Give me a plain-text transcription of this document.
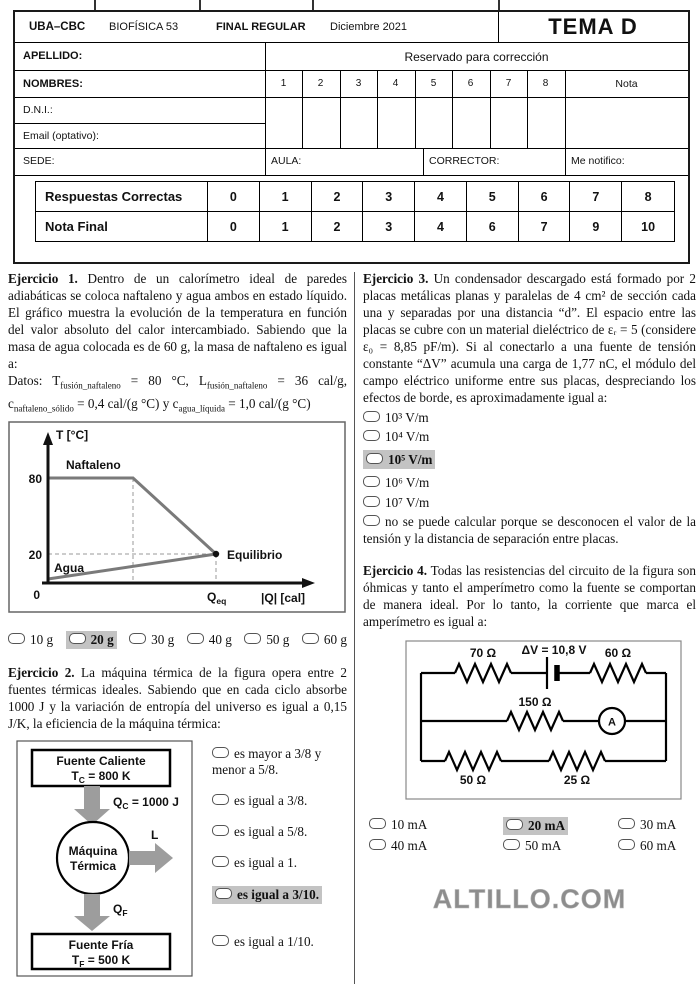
UBA–CBC BIOFÍSICA 53	FINAL REGULAR Diciembre 2021	TEMA D
APELLIDO:	Reservado para corrección
NOMBRES:	1	2	3	4	5	6	7	8	Nota
D.N.I.:
Email (optativo):
SEDE:	AULA:	CORRECTOR:	Me notifico:
Respuestas Correctas	0	1	2	3	4	5	6	7	8
Nota Final	0	1	2	3	4	6	7	9	10

Ejercicio 1. Dentro de un calorímetro ideal de paredes adiabáticas se coloca naftaleno y agua ambos en estado líquido. El gráfico muestra la evolución de la temperatura en función del valor absoluto del calor intercambiado. Sabiendo que la masa de agua colocada es de 60 g, la masa de naftaleno es igual a:

Datos: $T_{fusión\_naftaleno} = 80$ °C, $L_{fusión\_naftaleno} = 36$ cal/g, $c_{naftaleno\_sólido} = 0,4$ cal/(g °C) y $c_{agua\_líquida} = 1,0$ cal/(g °C)

T [°C]
80
20
0
Naftaleno
Agua
Equilibrio
$Q_{eq}$	|Q| [cal]
10 g	20 g	30 g	40 g	50 g	60 g

Ejercicio 2. La máquina térmica de la figura opera entre 2 fuentes térmicas ideales. Sabiendo que en cada ciclo absorbe 1000 J y la variación de entropía del universo es igual a 0,15 J/K, la eficiencia de la máquina térmica:

Fuente Caliente
$T_C = 800$ K
$Q_C = 1000$ J
Máquina
Térmica
L
$Q_F$
Fuente Fría
$T_F = 500$ K
es mayor a 3/8 y menor a 5/8.
es igual a 3/8.
es igual a 5/8.
es igual a 1.
es igual a 3/10.
es igual a 1/10.

Ejercicio 3. Un condensador descargado está formado por 2 placas metálicas planas y paralelas de 4 cm² de sección cada una y separadas por una distancia “d”. El espacio entre las placas se cubre con un material dieléctrico de εᵣ = 5 (considere ε₀ = 8,85 pF/m). Si al conectarlo a una fuente de tensión constante “ΔV” acumula una carga de 1,77 nC, el módulo del campo eléctrico uniforme entre sus placas, despreciando los efectos de borde, es aproximadamente igual a:

10³ V/m
10⁴ V/m
10⁵ V/m
10⁶ V/m
10⁷ V/m
no se puede calcular porque se desconocen el valor de la tensión y la distancia de separación entre placas.

Ejercicio 4. Todas las resistencias del circuito de la figura son óhmicas y tanto el amperímetro como la fuente se comportan de manera ideal. Por lo tanto, la corriente que marca el amperímetro es igual a:

A
70 Ω ΔV = 10,8 V 60 Ω
150 Ω
50 Ω	25 Ω
10 mA	20 mA	30 mA
40 mA	50 mA	60 mA
ALTILLO.COM
